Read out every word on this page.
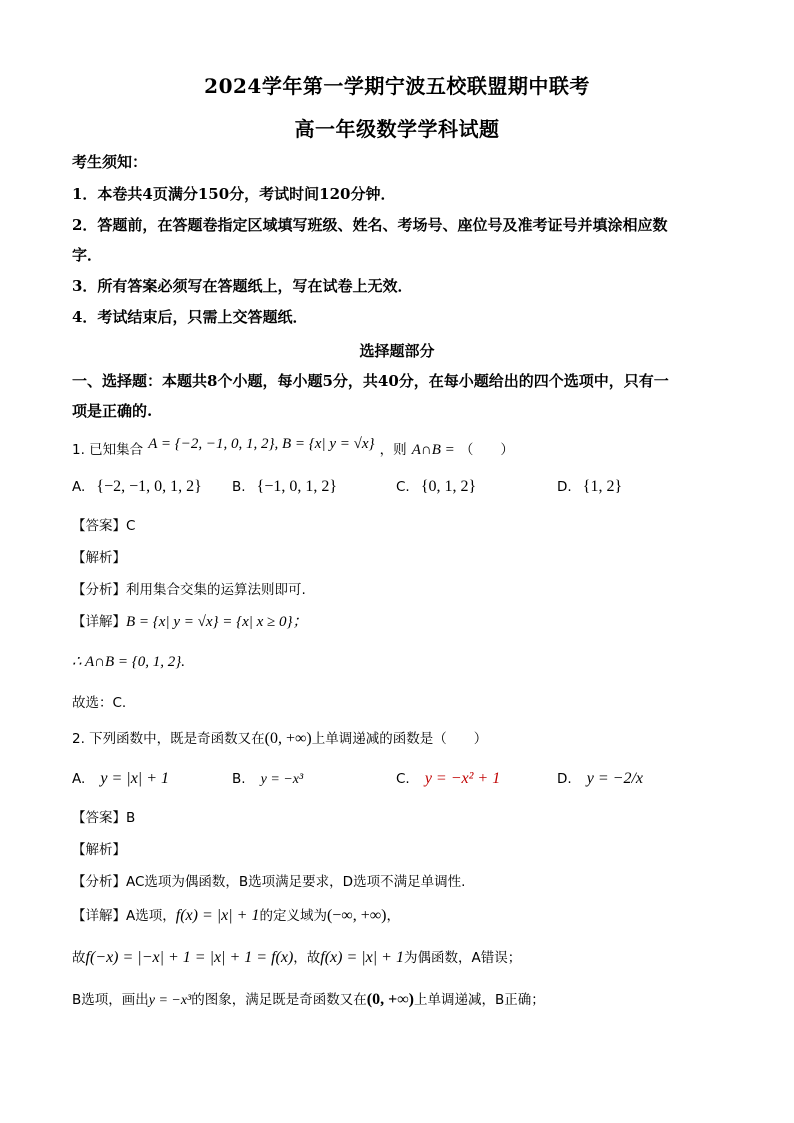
2024学年第一学期宁波五校联盟期中联考
高一年级数学学科试题
考生须知：
1．本卷共4页满分150分，考试时间120分钟．
2．答题前，在答题卷指定区域填写班级、姓名、考场号、座位号及准考证号并填涂相应数
字．
3．所有答案必须写在答题纸上，写在试卷上无效．
4．考试结束后，只需上交答题纸．
选择题部分
一、选择题：本题共8个小题，每小题5分，共40分，在每小题给出的四个选项中，只有一
项是正确的.
1. 已知集合 A = {−2, −1, 0, 1, 2}, B = {x| y = √x} ，则 A∩B = （　　）
A. {−2, −1, 0, 1, 2} B. {−1, 0, 1, 2}	C. {0, 1, 2}	D. {1, 2}
【答案】C
【解析】
【分析】利用集合交集的运算法则即可.
【详解】B = {x| y = √x} = {x| x ≥ 0}；
∴ A∩B = {0, 1, 2}.
故选：C.
2. 下列函数中，既是奇函数又在(0, +∞)上单调递减的函数是（　　）
A. y = |x| + 1	B. y = −x³	C. y = −x² + 1	D. y = −2/x
【答案】B
【解析】
【分析】AC选项为偶函数，B选项满足要求，D选项不满足单调性.
【详解】A选项，f(x) = |x| + 1的定义域为(−∞, +∞)，
故f(−x) = |−x| + 1 = |x| + 1 = f(x)，故f(x) = |x| + 1为偶函数，A错误；
B选项，画出y = −x³的图象，满足既是奇函数又在(0, +∞)上单调递减，B正确；
